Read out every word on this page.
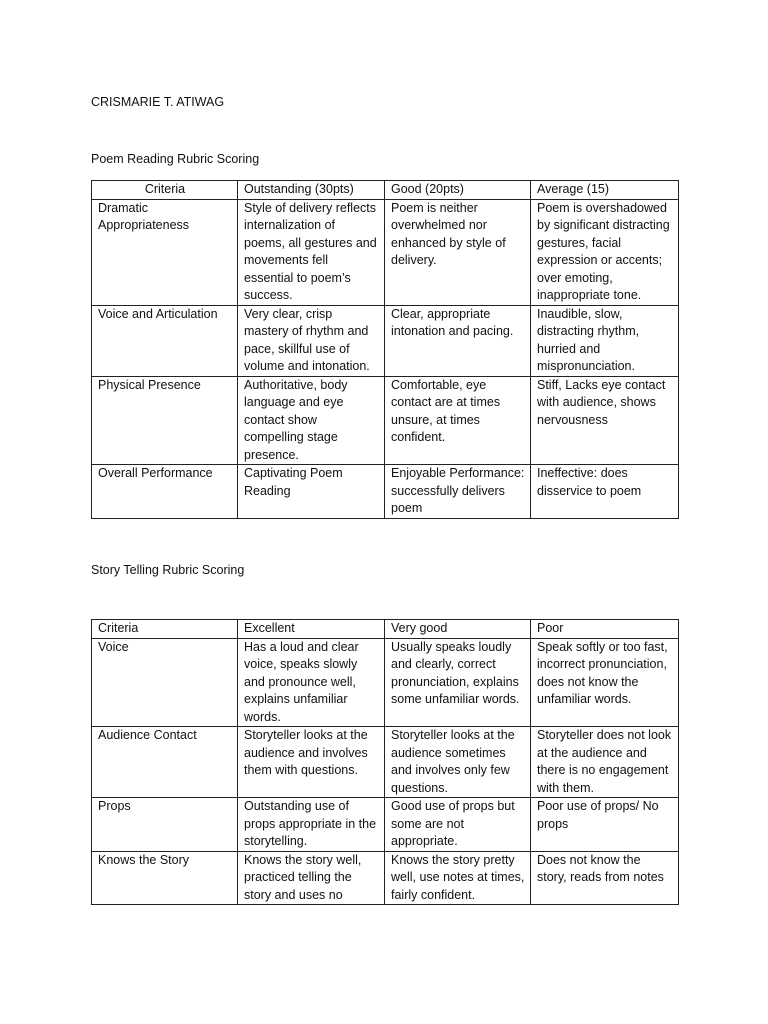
CRISMARIE T. ATIWAG
Poem Reading Rubric Scoring
Criteria	Outstanding (30pts)	Good (20pts)	Average (15)
Dramatic Appropriateness	Style of delivery reflects internalization of poems, all gestures and movements fell essential to poem’s success.	Poem is neither overwhelmed nor enhanced by style of delivery.	Poem is overshadowed by significant distracting gestures, facial expression or accents; over emoting, inappropriate tone.
Voice and Articulation	Very clear, crisp mastery of rhythm and pace, skillful use of volume and intonation.	Clear, appropriate intonation and pacing.	Inaudible, slow, distracting rhythm, hurried and mispronunciation.
Physical Presence	Authoritative, body language and eye contact show compelling stage presence.	Comfortable, eye contact are at times unsure, at times confident.	Stiff, Lacks eye contact with audience, shows nervousness
Overall Performance	Captivating Poem Reading	Enjoyable Performance: successfully delivers poem	Ineffective: does disservice to poem
Story Telling Rubric Scoring
Criteria	Excellent	Very good	Poor
Voice	Has a loud and clear voice, speaks slowly and pronounce well, explains unfamiliar words.	Usually speaks loudly and clearly, correct pronunciation, explains some unfamiliar words.	Speak softly or too fast, incorrect pronunciation, does not know the unfamiliar words.
Audience Contact	Storyteller looks at the audience and involves them with questions.	Storyteller looks at the audience sometimes and involves only few questions.	Storyteller does not look at the audience and there is no engagement with them.
Props	Outstanding use of props appropriate in the storytelling.	Good use of props but some are not appropriate.	Poor use of props/ No props
Knows the Story	Knows the story well, practiced telling the story and uses no	Knows the story pretty well, use notes at times, fairly confident.	Does not know the story, reads from notes
